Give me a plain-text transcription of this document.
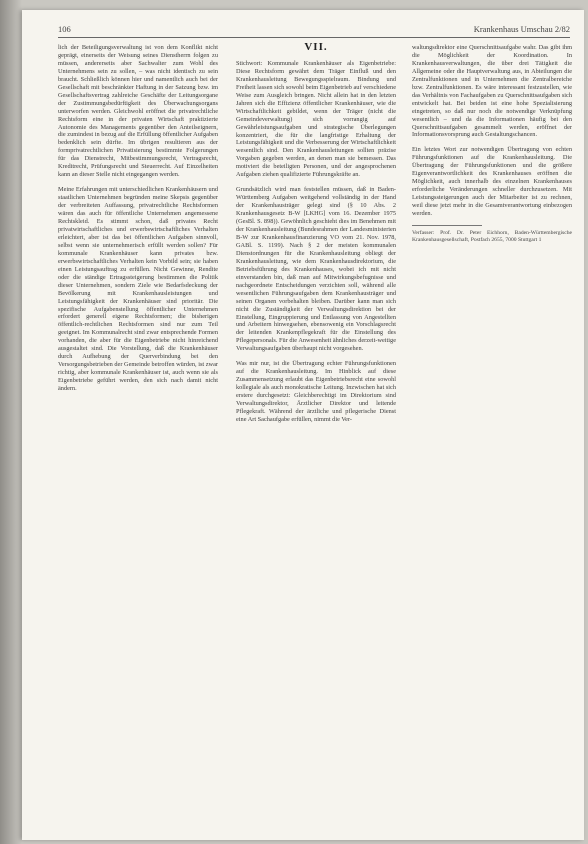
106	Krankenhaus Umschau 2/82

lich der Beteiligungsverwaltung ist von dem Konflikt nicht geprägt, einerseits der Weisung seines Dienstherrn folgen zu müssen, andererseits aber Sachwalter zum Wohl des Unternehmens sein zu sollen, – was nicht identisch zu sein braucht. Schließlich können hier und namentlich auch bei der Gesellschaft mit beschränkter Haftung in der Satzung bzw. im Gesellschaftsvertrag zahlreiche Geschäfte der Leitungsorgane der Zustimmungsbedürftigkeit des Überwachungsorgans unterworfen werden. Gleichwohl eröffnet die privatrechtliche Rechtsform eine in der privaten Wirtschaft praktizierte Autonomie des Managements gegenüber den Anteilseignern, die zumindest in bezug auf die Erfüllung öffentlicher Aufgaben bedenklich sein dürfte. Im übrigen resultieren aus der formprivatrechtlichen Privatisierung bestimmte Folgerungen für das Dienstrecht, Mitbestimmungsrecht, Vertragsrecht, Kreditrecht, Prüfungsrecht und Steuerrecht. Auf Einzelheiten kann an dieser Stelle nicht eingegangen werden.

Meine Erfahrungen mit unterschiedlichen Krankenhäusern und staatlichen Unternehmen begründen meine Skepsis gegenüber der verbreiteten Auffassung, privatrechtliche Rechtsformen wären das auch für öffentliche Unternehmen angemessene Rechtskleid. Es stimmt schon, daß privates Recht privatwirtschaftliches und erwerbswirtschaftliches Verhalten erleichtert, aber ist das bei öffentlichen Aufgaben sinnvoll, selbst wenn sie unternehmerisch erfüllt werden sollen? Für kommunale Krankenhäuser kann privates bzw. erwerbswirtschaftliches Verhalten kein Vorbild sein; sie haben einen Leistungsauftrag zu erfüllen. Nicht Gewinne, Rendite oder die ständige Ertragssteigerung bestimmen die Politik dieser Unternehmen, sondern Ziele wie Bedarfsdeckung der Bevölkerung mit Krankenhausleistungen und Leistungsfähigkeit der Krankenhäuser sind prioritär. Die spezifische Aufgabenstellung öffentlicher Unternehmen erfordert generell eigene Rechtsformen; die bisherigen öffentlich-rechtlichen Rechtsformen sind nur zum Teil geeignet. Im Kommunalrecht sind zwar entsprechende Formen vorhanden, die aber für die Eigenbetriebe nicht hinreichend ausgestaltet sind. Die Vorstellung, daß die Krankenhäuser durch Aufhebung der Querverbindung bei den Versorgungsbetrieben der Gemeinde betroffen würden, ist zwar richtig, aber kommunale Krankenhäuser ist, auch wenn sie als Eigenbetriebe geführt werden, den sich nach damit nicht ändern.

VII.

Stichwort: Kommunale Krankenhäuser als Eigenbetriebe: Diese Rechtsform gewährt dem Träger Einfluß und den Krankenhausleitung Bewegungsspielraum. Bindung und Freiheit lassen sich sowohl beim Eigenbetrieb auf verschiedene Weise zum Ausgleich bringen. Nicht allein hat in den letzten Jahren sich die Effizienz öffentlicher Krankenhäuser, wie die Wirtschaftlichkeit gebildet, wenn der Träger (nicht die Gemeindeverwaltung) sich vorrangig auf Gewährleistungsaufgaben und strategische Überlegungen konzentriert, die für die langfristige Erhaltung der Leistungsfähigkeit und die Verbesserung der Wirtschaftlichkeit wesentlich sind. Den Krankenhausleitungen sollten präzise Vorgaben gegeben werden, an denen man sie bemessen. Das motiviert die beteiligten Personen, und der angesprochenen Aufgaben ziehen qualifizierte Führungskräfte an.

Grundsätzlich wird man feststellen müssen, daß in Baden-Württemberg Aufgaben weitgehend vollständig in der Hand der Krankenhausträger gelegt sind (§ 10 Abs. 2 Krankenhausgesetz B-W [LKHG] vom 16. Dezember 1975 (GesBl. S. 898)). Gewöhnlich geschieht dies im Benehmen mit der Krankenhausleitung (Bundesrahmen der Landesministerien B-W zur Krankenhausfinanzierung VO vom 21. Nov. 1978, GABl. S. 1199). Nach § 2 der meisten kommunalen Dienstordnungen für die Krankenhausleitung obliegt der Krankenhausleitung, wie dem Krankenhausdirektorium, die Betriebsführung des Krankenhauses, wobei ich mit nicht einverstanden bin, daß man auf Mitwirkungsbefugnisse und nachgeordnete Entscheidungen verzichten soll, während alle wesentlichen Führungsaufgaben dem Krankenhausträger und seinen Organen vorbehalten bleiben. Darüber kann man sich nicht die Zuständigkeit der Verwaltungsdirektion bei der Einstellung, Eingruppierung und Entlassung von Angestellten und Arbeitern hinwegsehen, ebensowenig ein Vorschlagsrecht der leitenden Krankenpflegekraft für die Einstellung des Pflegepersonals. Für die Anwesenheit ähnliches derzeit-weitige Verwaltungsaufgaben überhaupt nicht vorgesehen.

Was mir nur, ist die Übertragung echter Führungsfunktionen auf die Krankenhausleitung. Im Hinblick auf diese Zusammensetzung erlaubt das Eigenbetriebsrecht eine sowohl kollegiale als auch monokratische Leitung. Inzwischen hat sich erstere durchgesetzt: Gleichberechtigt im Direktorium sind Verwaltungsdirektor, Ärztlicher Direktor und leitende Pflegekraft. Während der ärztliche und pflegerische Dienst eine Art Sachaufgabe erfüllen, nimmt die Ver-

waltungsdirektor eine Querschnittsaufgabe wahr. Das gibt ihm die Möglichkeit der Koordination. In Krankenhausverwaltungen, die über drei Tätigkeit die Allgemeine oder die Hauptverwaltung aus, in Abteilungen die Zentralfunktionen und in Unternehmen die Zentralbereiche bzw. Zentralfunktionen. Es wäre interessant festzustellen, wie das Verhältnis von Fachaufgaben zu Querschnittsaufgaben sich entwickelt hat. Bei beiden ist eine hohe Spezialisierung eingetreten, so daß nur noch die notwendige Verknüpfung wesentlich – und da die Informationen häufig bei den Querschnittsaufgaben gesammelt werden, eröffnet der Informationsvorsprung auch Gestaltungschancen.

Ein letztes Wort zur notwendigen Übertragung von echten Führungsfunktionen auf die Krankenhausleitung. Die Übertragung der Führungsfunktionen und die größere Eigenverantwortlichkeit des Krankenhauses eröffnen die Möglichkeit, auch innerhalb des einzelnen Krankenhauses erforderliche Veränderungen schneller durchzusetzen. Mit Leistungssteigerungen auch der Mitarbeiter ist zu rechnen, weil diese jetzt mehr in die Gesamtverantwortung einbezogen werden.

Verfasser: Prof. Dr. Peter Eichhorn, Baden-Württembergische Krankenhausgesellschaft, Postfach 2655, 7000 Stuttgart 1
